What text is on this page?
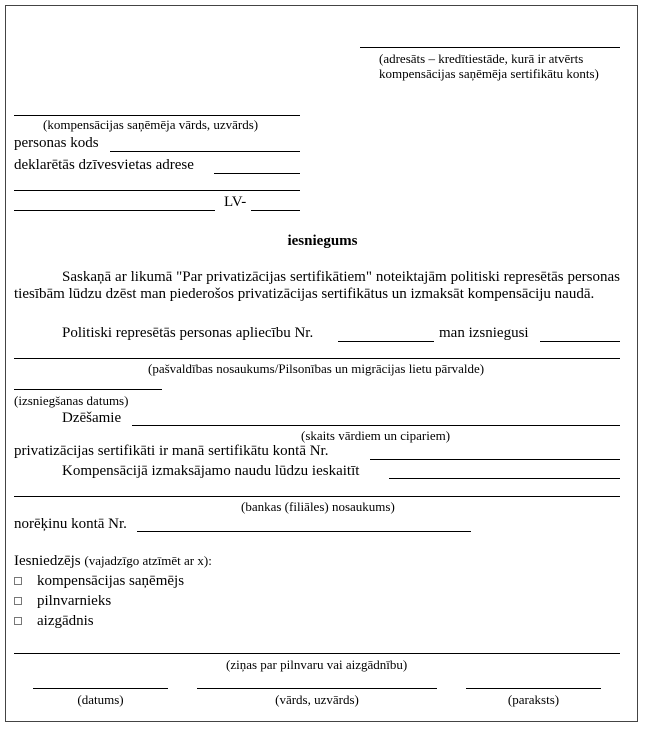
(adresāts – kredītiestāde, kurā ir atvērts
kompensācijas saņēmēja sertifikātu konts)
(kompensācijas saņēmēja vārds, uzvārds)
personas kods
deklarētās dzīvesvietas adrese
LV-
iesniegums
Saskaņā ar likumā "Par privatizācijas sertifikātiem" noteiktajām politiski represētās personas tiesībām lūdzu dzēst man piederošos privatizācijas sertifikātus un izmaksāt kompensāciju naudā.
Politiski represētās personas apliecību Nr.	man izsniegusi
(pašvaldības nosaukums/Pilsonības un migrācijas lietu pārvalde)
(izsniegšanas datums)
Dzēšamie
(skaits vārdiem un cipariem)
privatizācijas sertifikāti ir manā sertifikātu kontā Nr.
Kompensācijā izmaksājamo naudu lūdzu ieskaitīt
(bankas (filiāles) nosaukums)
norēķinu kontā Nr.
Iesniedzējs (vajadzīgo atzīmēt ar x):
kompensācijas saņēmējs
pilnvarnieks
aizgādnis
(ziņas par pilnvaru vai aizgādnību)
(datums)	(vārds, uzvārds)	(paraksts)
